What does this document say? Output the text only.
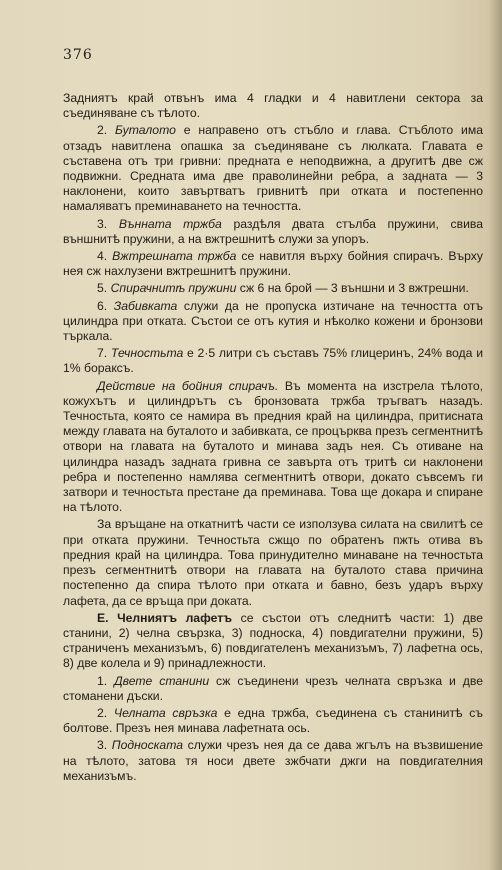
376

Задниятъ край отвънъ има 4 гладки и 4 навитлени сектора за съединяване съ тѣлото.

2. Буталото е направено отъ стъбло и глава. Стъблото има отзадъ навитлена опашка за съединяване съ люлката. Главата е съставена отъ три гривни: предната е неподвижна, а другитѣ две сж подвижни. Средната има две праволинейни ребра, а задната — 3 наклонени, които завъртватъ гривнитѣ при отката и постепенно намаляватъ преминаването на течността.

3. Вънната тржба раздѣля двата стълба пружини, свива външнитѣ пружини, а на вжтрешнитѣ служи за упоръ.

4. Вжтрешната тржба се навитля върху бойния спирачъ. Върху нея сж нахлузени вжтрешнитѣ пружини.

5. Спирачнитѣ пружини сж 6 на брой — 3 външни и 3 вжтрешни.

6. Забивката служи да не пропуска изтичане на течността отъ цилиндра при отката. Състои се отъ кутия и нѣколко кожени и бронзови търкала.

7. Течностьта е 2·5 литри съ съставъ 75% глицеринъ, 24% вода и 1% боракcъ.

Действие на бойния спирачъ. Въ момента на изстрела тѣлото, кожухътъ и цилиндрътъ съ бронзовата тржба тръгватъ назадъ. Течностьта, която се намира въ предния край на цилиндра, притисната между главата на буталото и забивката, се процърква презъ сегментнитѣ отвори на главата на буталото и минава задъ нея. Съ отиване на цилиндра назадъ задната гривна се завърта отъ тритѣ си наклонени ребра и постепенно намлява сегментнитѣ отвори, докато съвсемъ ги затвори и течностьта престане да преминава. Това ще докара и спиране на тѣлото.

За връщане на откатнитѣ части се използува силата на свилитѣ се при отката пружини. Течностьта сжщо по обратенъ пжть отива въ предния край на цилиндра. Това принудително минаване на течностьта презъ сегментнитѣ отвори на главата на буталото става причина постепенно да спира тѣлото при отката и бавно, безъ ударъ върху лафета, да се връща при доката.

Е. Челниятъ лафетъ се състои отъ следнитѣ части: 1) две станини, 2) челна свързка, 3) подноска, 4) повдигателни пружини, 5) страниченъ механизъмъ, 6) повдигателенъ механизъмъ, 7) лафетна ось, 8) две колела и 9) принадлежности.

1. Двете станини сж съединени чрезъ челната свръзка и две стоманени дъски.

2. Челната свръзка е една тржба, съединена съ станинитѣ съ болтове. Презъ нея минава лафетната ось.

3. Подноската служи чрезъ нея да се дава жгълъ на възвишение на тѣлото, затова тя носи двете зжбчати джги на повдигателния механизъмъ.
